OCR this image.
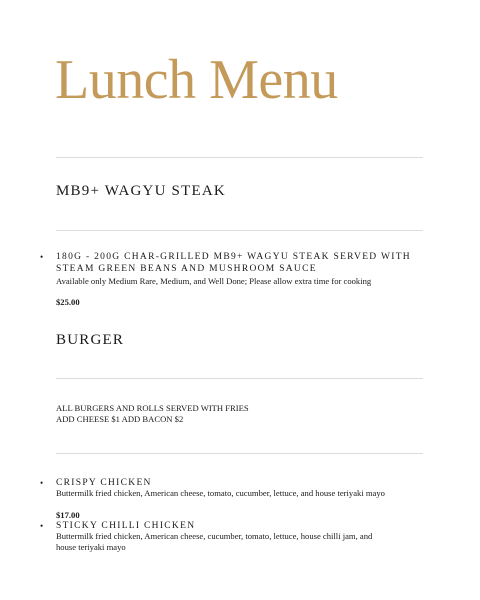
Lunch Menu
MB9+ WAGYU STEAK
• 180G - 200G CHAR-GRILLED MB9+ WAGYU STEAK SERVED WITH
STEAM GREEN BEANS AND MUSHROOM SAUCE

Available only Medium Rare, Medium, and Well Done; Please allow extra time for cooking

$25.00

BURGER

ALL BURGERS AND ROLLS SERVED WITH FRIES
ADD CHEESE $1 ADD BACON $2

• CRISPY CHICKEN

Buttermilk fried chicken, American cheese, tomato, cucumber, lettuce, and house teriyaki mayo

$17.00

• STICKY CHILLI CHICKEN

Buttermilk fried chicken, American cheese, cucumber, tomato, lettuce, house chilli jam, and
house teriyaki mayo
